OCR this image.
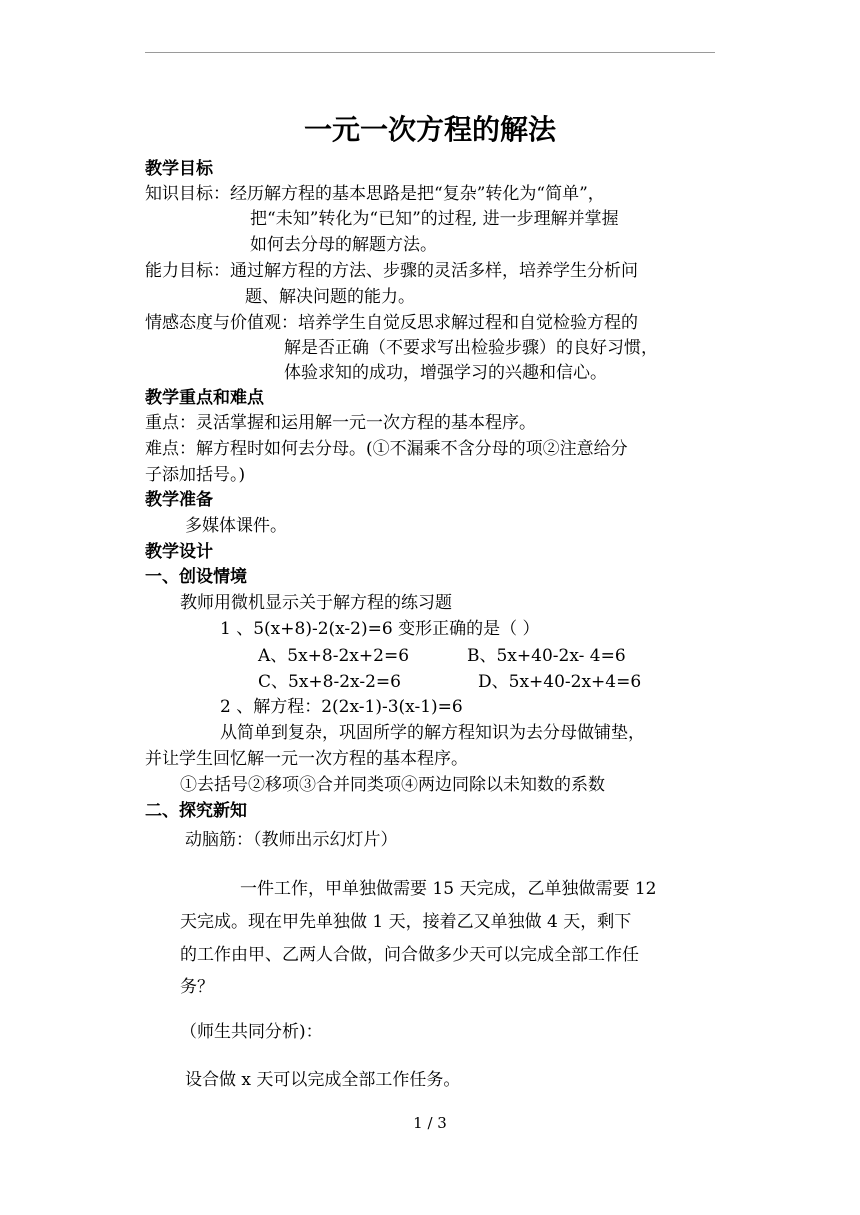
一元一次方程的解法
教学目标
知识目标：经历解方程的基本思路是把“复杂”转化为“简单”，
把“未知”转化为“已知”的过程, 进一步理解并掌握
如何去分母的解题方法。
能力目标：通过解方程的方法、步骤的灵活多样，培养学生分析问
题、解决问题的能力。
情感态度与价值观：培养学生自觉反思求解过程和自觉检验方程的
解是否正确（不要求写出检验步骤）的良好习惯，
体验求知的成功，增强学习的兴趣和信心。
教学重点和难点
重点：灵活掌握和运用解一元一次方程的基本程序。
难点：解方程时如何去分母。(①不漏乘不含分母的项②注意给分
子添加括号。)
教学准备
多媒体课件。
教学设计
一、创设情境
教师用微机显示关于解方程的练习题
1 、5(x+8)-2(x-2)=6 变形正确的是（ ）
A、5x+8-2x+2=6	B、5x+40-2x- 4=6
C、5x+8-2x-2=6	D、5x+40-2x+4=6
2 、解方程：2(2x-1)-3(x-1)=6
从简单到复杂，巩固所学的解方程知识为去分母做铺垫，
并让学生回忆解一元一次方程的基本程序。
①去括号②移项③合并同类项④两边同除以未知数的系数
二、探究新知
动脑筋：（教师出示幻灯片）
一件工作，甲单独做需要 15 天完成，乙单独做需要 12
天完成。现在甲先单独做 1 天，接着乙又单独做 4 天，剩下
的工作由甲、乙两人合做，问合做多少天可以完成全部工作任
务？
（师生共同分析)：
设合做 x 天可以完成全部工作任务。
1 / 3
